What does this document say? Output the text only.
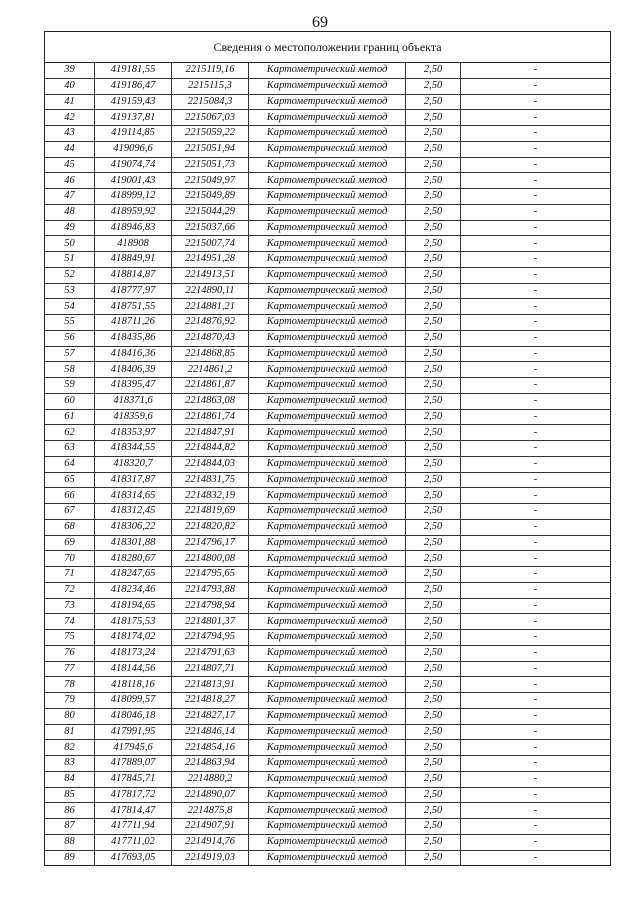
69
Сведения о местоположении границ объекта
39	419181,55	2215119,16	Картометрический метод	2,50	-
40	419186,47	2215115,3	Картометрический метод	2,50	-
41	419159,43	2215084,3	Картометрический метод	2,50	-
42	419137,81	2215067,03	Картометрический метод	2,50	-
43	419114,85	2215059,22	Картометрический метод	2,50	-
44	419096,6	2215051,94	Картометрический метод	2,50	-
45	419074,74	2215051,73	Картометрический метод	2,50	-
46	419001,43	2215049,97	Картометрический метод	2,50	-
47	418999,12	2215049,89	Картометрический метод	2,50	-
48	418959,92	2215044,29	Картометрический метод	2,50	-
49	418946,83	2215037,66	Картометрический метод	2,50	-
50	418908	2215007,74	Картометрический метод	2,50	-
51	418849,91	2214951,28	Картометрический метод	2,50	-
52	418814,87	2214913,51	Картометрический метод	2,50	-
53	418777,97	2214890,11	Картометрический метод	2,50	-
54	418751,55	2214881,21	Картометрический метод	2,50	-
55	418711,26	2214876,92	Картометрический метод	2,50	-
56	418435,86	2214870,43	Картометрический метод	2,50	-
57	418416,36	2214868,85	Картометрический метод	2,50	-
58	418406,39	2214861,2	Картометрический метод	2,50	-
59	418395,47	2214861,87	Картометрический метод	2,50	-
60	418371,6	2214863,08	Картометрический метод	2,50	-
61	418359,6	2214861,74	Картометрический метод	2,50	-
62	418353,97	2214847,91	Картометрический метод	2,50	-
63	418344,55	2214844,82	Картометрический метод	2,50	-
64	418320,7	2214844,03	Картометрический метод	2,50	-
65	418317,87	2214831,75	Картометрический метод	2,50	-
66	418314,65	2214832,19	Картометрический метод	2,50	-
67	418312,45	2214819,69	Картометрический метод	2,50	-
68	418306,22	2214820,82	Картометрический метод	2,50	-
69	418301,88	2214796,17	Картометрический метод	2,50	-
70	418280,67	2214800,08	Картометрический метод	2,50	-
71	418247,65	2214795,65	Картометрический метод	2,50	-
72	418234,46	2214793,88	Картометрический метод	2,50	-
73	418194,65	2214798,94	Картометрический метод	2,50	-
74	418175,53	2214801,37	Картометрический метод	2,50	-
75	418174,02	2214794,95	Картометрический метод	2,50	-
76	418173,24	2214791,63	Картометрический метод	2,50	-
77	418144,56	2214807,71	Картометрический метод	2,50	-
78	418118,16	2214813,91	Картометрический метод	2,50	-
79	418099,57	2214818,27	Картометрический метод	2,50	-
80	418046,18	2214827,17	Картометрический метод	2,50	-
81	417991,95	2214846,14	Картометрический метод	2,50	-
82	417945,6	2214854,16	Картометрический метод	2,50	-
83	417889,07	2214863,94	Картометрический метод	2,50	-
84	417845,71	2214880,2	Картометрический метод	2,50	-
85	417817,72	2214890,07	Картометрический метод	2,50	-
86	417814,47	2214875,8	Картометрический метод	2,50	-
87	417711,94	2214907,91	Картометрический метод	2,50	-
88	417711,02	2214914,76	Картометрический метод	2,50	-
89	417693,05	2214919,03	Картометрический метод	2,50	-
